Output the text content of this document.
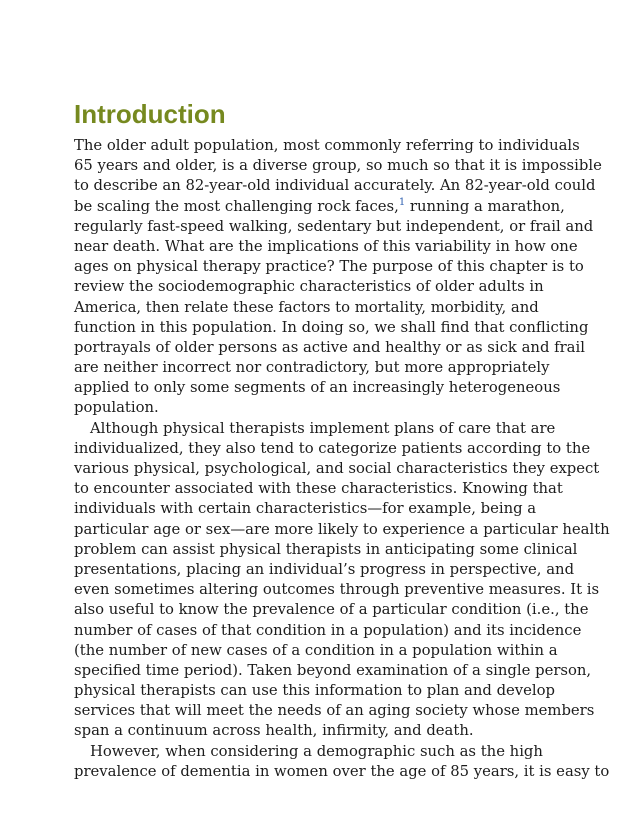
Introduction

The older adult population, most commonly referring to individuals
65 years and older, is a diverse group, so much so that it is impossible
to describe an 82-year-old individual accurately. An 82-year-old could
be scaling the most challenging rock faces,$^1$ running a marathon,
regularly fast-speed walking, sedentary but independent, or frail and
near death. What are the implications of this variability in how one
ages on physical therapy practice? The purpose of this chapter is to
review the sociodemographic characteristics of older adults in
America, then relate these factors to mortality, morbidity, and
function in this population. In doing so, we shall find that conflicting
portrayals of older persons as active and healthy or as sick and frail
are neither incorrect nor contradictory, but more appropriately
applied to only some segments of an increasingly heterogeneous
population.

Although physical therapists implement plans of care that are
individualized, they also tend to categorize patients according to the
various physical, psychological, and social characteristics they expect
to encounter associated with these characteristics. Knowing that
individuals with certain characteristics—for example, being a
particular age or sex—are more likely to experience a particular health
problem can assist physical therapists in anticipating some clinical
presentations, placing an individual’s progress in perspective, and
even sometimes altering outcomes through preventive measures. It is
also useful to know the prevalence of a particular condition (i.e., the
number of cases of that condition in a population) and its incidence
(the number of new cases of a condition in a population within a
specified time period). Taken beyond examination of a single person,
physical therapists can use this information to plan and develop
services that will meet the needs of an aging society whose members
span a continuum across health, infirmity, and death.

However, when considering a demographic such as the high
prevalence of dementia in women over the age of 85 years, it is easy to
